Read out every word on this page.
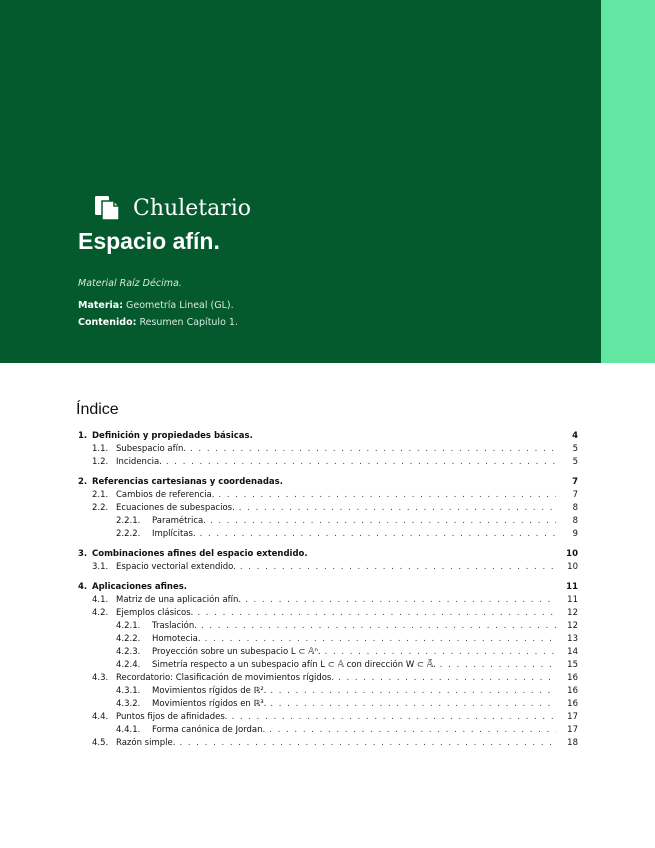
Chuletario
Espacio afín.
Material Raíz Décima.
Materia: Geometría Lineal (GL).
Contenido: Resumen Capítulo 1.
Índice
1. Definición y propiedades básicas.	4
1.1. Subespacio afín. . . .	5
1.2. Incidencia. . . .	5
2. Referencias cartesianas y coordenadas.	7
2.1. Cambios de referencia. . . .	7
2.2. Ecuaciones de subespacios. . . .	8
2.2.1.	Paramétrica. . . .	8
2.2.2.	Implícitas. . . .	9
3. Combinaciones afines del espacio extendido.	10
3.1. Espacio vectorial extendido. . . .	10
4. Aplicaciones afines.	11
4.1. Matriz de una aplicación afín. . . .	11
4.2. Ejemplos clásicos. . . .	12
4.2.1.	Traslación. . . .	12
4.2.2.	Homotecia. . . .	13
4.2.3.	Proyección sobre un subespacio L ⊂ 𝔸ⁿ. . . .	14
4.2.4.	Simetría respecto a un subespacio afín L ⊂ 𝔸 con dirección W ⊂ 𝔸⃗. . . .	15
4.3. Recordatorio: Clasificación de movimientos rígidos. . . .	16
4.3.1.	Movimientos rígidos de ℝ². . . .	16
4.3.2.	Movimientos rígidos en ℝ³. . . .	16
4.4. Puntos fijos de afinidades. . . .	17
4.4.1.	Forma canónica de Jordan. . . .	17
4.5. Razón simple. . . .	18
